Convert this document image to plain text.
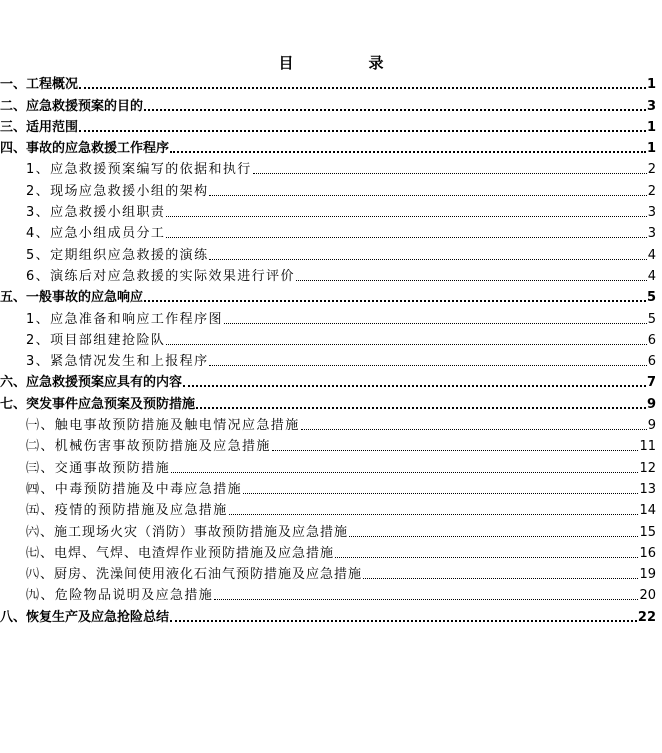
目　录
一、工程概况	1
二、应急救援预案的目的	3
三、适用范围	1
四、事故的应急救援工作程序	1
1、应急救援预案编写的依据和执行	2
2、现场应急救援小组的架构	2
3、应急救援小组职责	3
4、应急小组成员分工	3
5、定期组织应急救援的演练	4
6、演练后对应急救援的实际效果进行评价	4
五、一般事故的应急响应	5
1、应急准备和响应工作程序图	5
2、项目部组建抢险队	6
3、紧急情况发生和上报程序	6
六、应急救援预案应具有的内容	7
七、突发事件应急预案及预防措施	9
㈠、触电事故预防措施及触电情况应急措施	9
㈡、机械伤害事故预防措施及应急措施	11
㈢、交通事故预防措施	12
㈣、中毒预防措施及中毒应急措施	13
㈤、疫情的预防措施及应急措施	14
㈥、施工现场火灾（消防）事故预防措施及应急措施	15
㈦、电焊、气焊、电渣焊作业预防措施及应急措施	16
㈧、厨房、洗澡间使用液化石油气预防措施及应急措施	19
㈨、危险物品说明及应急措施	20
八、恢复生产及应急抢险总结	22
